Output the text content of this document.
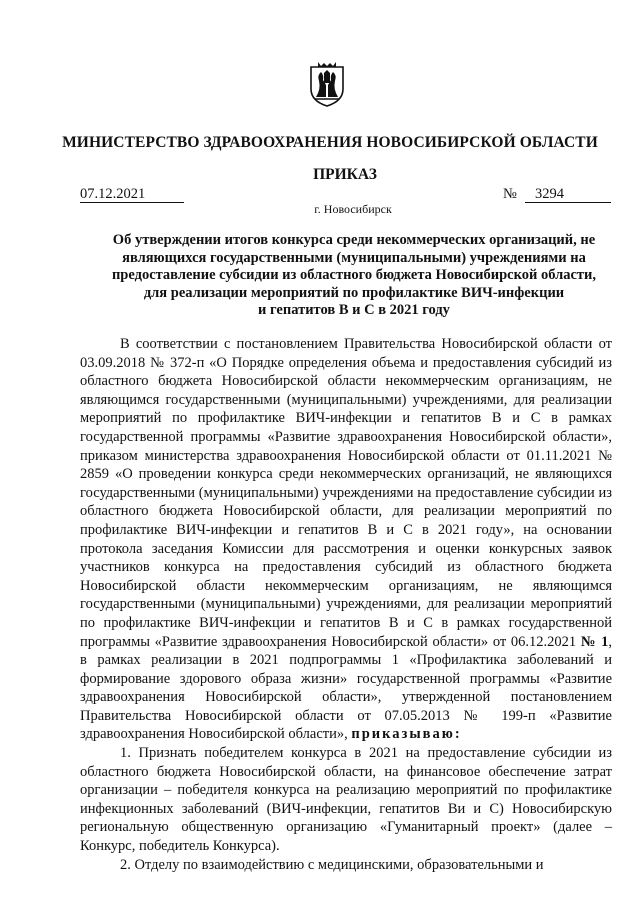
МИНИСТЕРСТВО ЗДРАВООХРАНЕНИЯ НОВОСИБИРСКОЙ ОБЛАСТИ
ПРИКАЗ
07.12.2021	№	3294
г. Новосибирск
Об утверждении итогов конкурса среди некоммерческих организаций, не
являющихся государственными (муниципальными) учреждениями на
предоставление субсидии из областного бюджета Новосибирской области,
для реализации мероприятий по профилактике ВИЧ-инфекции
и гепатитов В и С в 2021 году

В соответствии с постановлением Правительства Новосибирской области от 03.09.2018 № 372-п «О Порядке определения объема и предоставления субсидий из областного бюджета Новосибирской области некоммерческим организациям, не являющимся государственными (муниципальными) учреждениями, для реализации мероприятий по профилактике ВИЧ-инфекции и гепатитов В и С в рамках государственной программы «Развитие здравоохранения Новосибирской области», приказом министерства здравоохранения Новосибирской области от 01.11.2021 № 2859 «О проведении конкурса среди некоммерческих организаций, не являющихся государственными (муниципальными) учреждениями на предоставление субсидии из областного бюджета Новосибирской области, для реализации мероприятий по профилактике ВИЧ-инфекции и гепатитов В и С в 2021 году», на основании протокола заседания Комиссии для рассмотрения и оценки конкурсных заявок участников конкурса на предоставления субсидий из областного бюджета Новосибирской области некоммерческим организациям, не являющимся государственными (муниципальными) учреждениями, для реализации мероприятий по профилактике ВИЧ-инфекции и гепатитов В и С в рамках государственной программы «Развитие здравоохранения Новосибирской области» от 06.12.2021 № 1, в рамках реализации в 2021 подпрограммы 1 «Профилактика заболеваний и формирование здорового образа жизни» государственной программы «Развитие здравоохранения Новосибирской области», утвержденной постановлением Правительства Новосибирской области от 07.05.2013 № 199-п «Развитие здравоохранения Новосибирской области», приказываю:

1. Признать победителем конкурса в 2021 на предоставление субсидии из областного бюджета Новосибирской области, на финансовое обеспечение затрат организации – победителя конкурса на реализацию мероприятий по профилактике инфекционных заболеваний (ВИЧ-инфекции, гепатитов Ви и С) Новосибирскую региональную общественную организацию «Гуманитарный проект» (далее – Конкурс, победитель Конкурса).

2. Отделу по взаимодействию с медицинскими, образовательными и
